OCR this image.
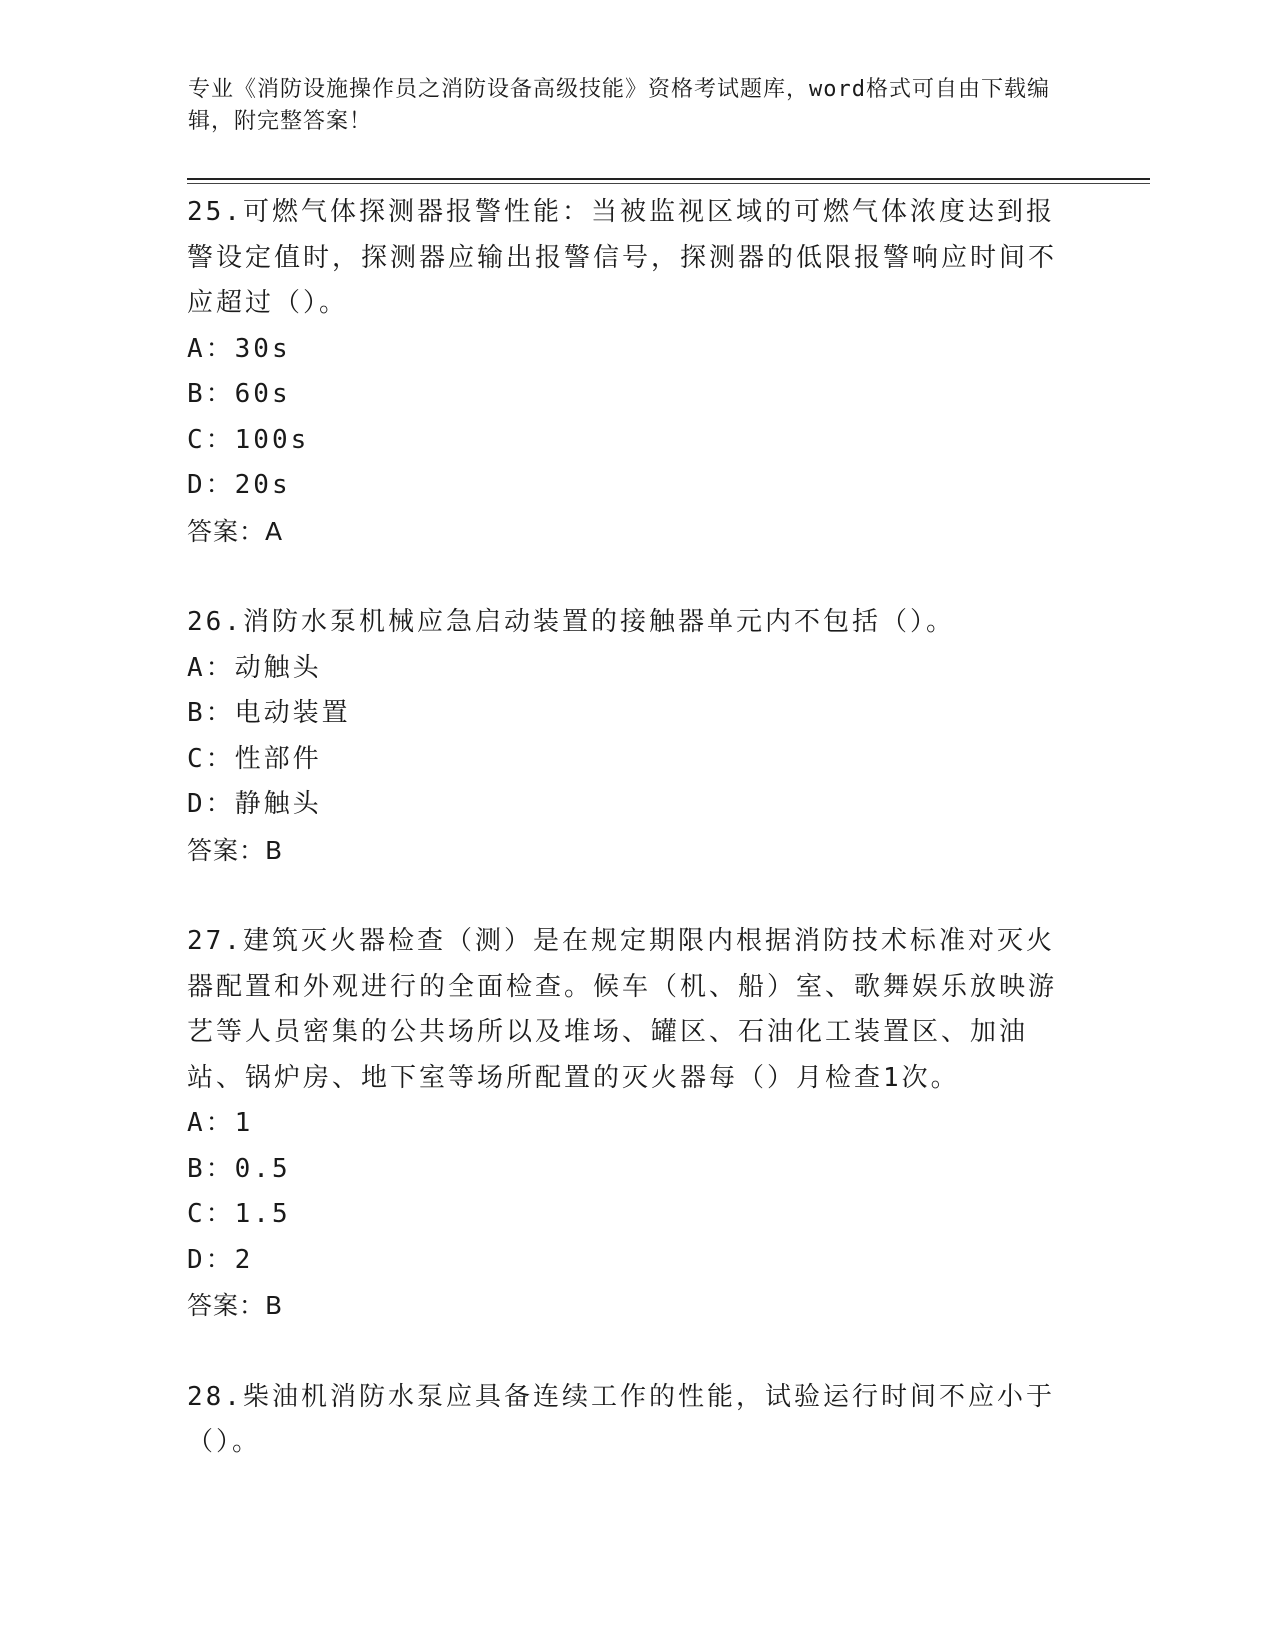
专业《消防设施操作员之消防设备高级技能》资格考试题库，word格式可自由下载编辑，附完整答案！

25.可燃气体探测器报警性能：当被监视区域的可燃气体浓度达到报警设定值时，探测器应输出报警信号，探测器的低限报警响应时间不应超过（）。

A：30s

B：60s

C：100s

D：20s

答案：A

26.消防水泵机械应急启动装置的接触器单元内不包括（）。

A：动触头

B：电动装置

C：性部件

D：静触头

答案：B

27.建筑灭火器检查（测）是在规定期限内根据消防技术标准对灭火器配置和外观进行的全面检查。候车（机、船）室、歌舞娱乐放映游艺等人员密集的公共场所以及堆场、罐区、石油化工装置区、加油站、锅炉房、地下室等场所配置的灭火器每（）月检查1次。

A：1

B：0.5

C：1.5

D：2

答案：B

28.柴油机消防水泵应具备连续工作的性能，试验运行时间不应小于（）。
